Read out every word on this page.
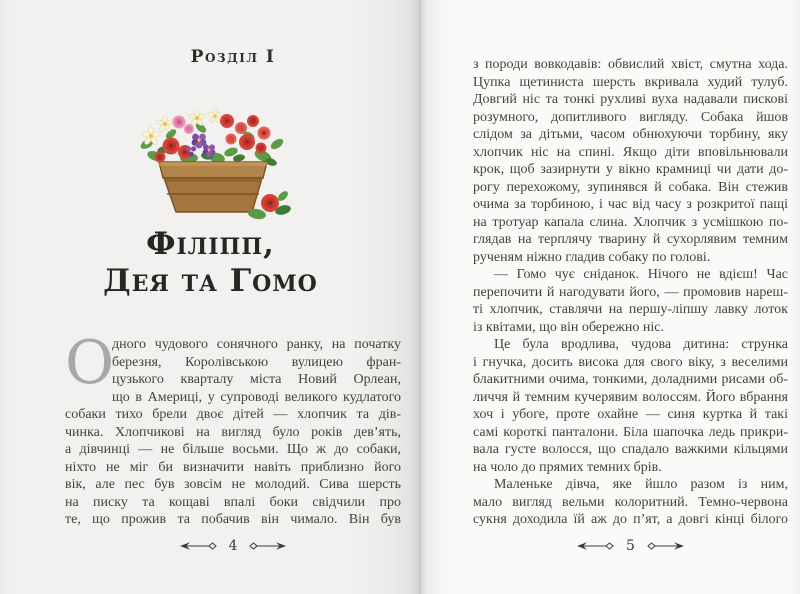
Розділ I
Філіпп,
Дея та Гомо
О
дного чудового сонячного ранку, на початку
березня, Королівською вулицею фран-
цузького кварталу міста Новий Орлеан,
що в Америці, у супроводі великого кудлатого
собаки тихо брели двоє дітей — хлопчик та дів-
чинка. Хлопчикові на вигляд було років дев’ять,
а дівчинці — не більше восьми. Що ж до собаки,
ніхто не міг би визначити навіть приблизно його
вік, але пес був зовсім не молодий. Сива шерсть
на писку та кощаві впалі боки свідчили про
те, що прожив та побачив він чимало. Він був
4
з породи вовкодавів: обвислий хвіст, смутна хода.
Цупка щетиниста шерсть вкривала худий тулуб.
Довгий ніс та тонкі рухливі вуха надавали пискові
розумного, допитливого вигляду. Собака йшов
слідом за дітьми, часом обнюхуючи торбину, яку
хлопчик ніс на спині. Якщо діти вповільнювали
крок, щоб зазирнути у вікно крамниці чи дати до-
рогу перехожому, зупинявся й собака. Він стежив
очима за торбиною, і час від часу з розкритої пащі
на тротуар капала слина. Хлопчик з усмішкою по-
глядав на терплячу тварину й сухорлявим темним
рученям ніжно гладив собаку по голові.
— Гомо чує сніданок. Нічого не вдієш! Час
перепочити й нагодувати його, — промовив нареш-
ті хлопчик, ставлячи на першу-ліпшу лавку лоток
із квітами, що він обережно ніс.
Це була вродлива, чудова дитина: струнка
і гнучка, досить висока для свого віку, з веселими
блакитними очима, тонкими, доладними рисами об-
личчя й темним кучерявим волоссям. Його вбрання
хоч і убоге, проте охайне — синя куртка й такі
самі короткі панталони. Біла шапочка ледь прикри-
вала густе волосся, що спадало важкими кільцями
на чоло до прямих темних брів.
Маленьке дівча, яке йшло разом із ним,
мало вигляд вельми колоритний. Темно-червона
сукня доходила їй аж до п’ят, а довгі кінці білого
5
